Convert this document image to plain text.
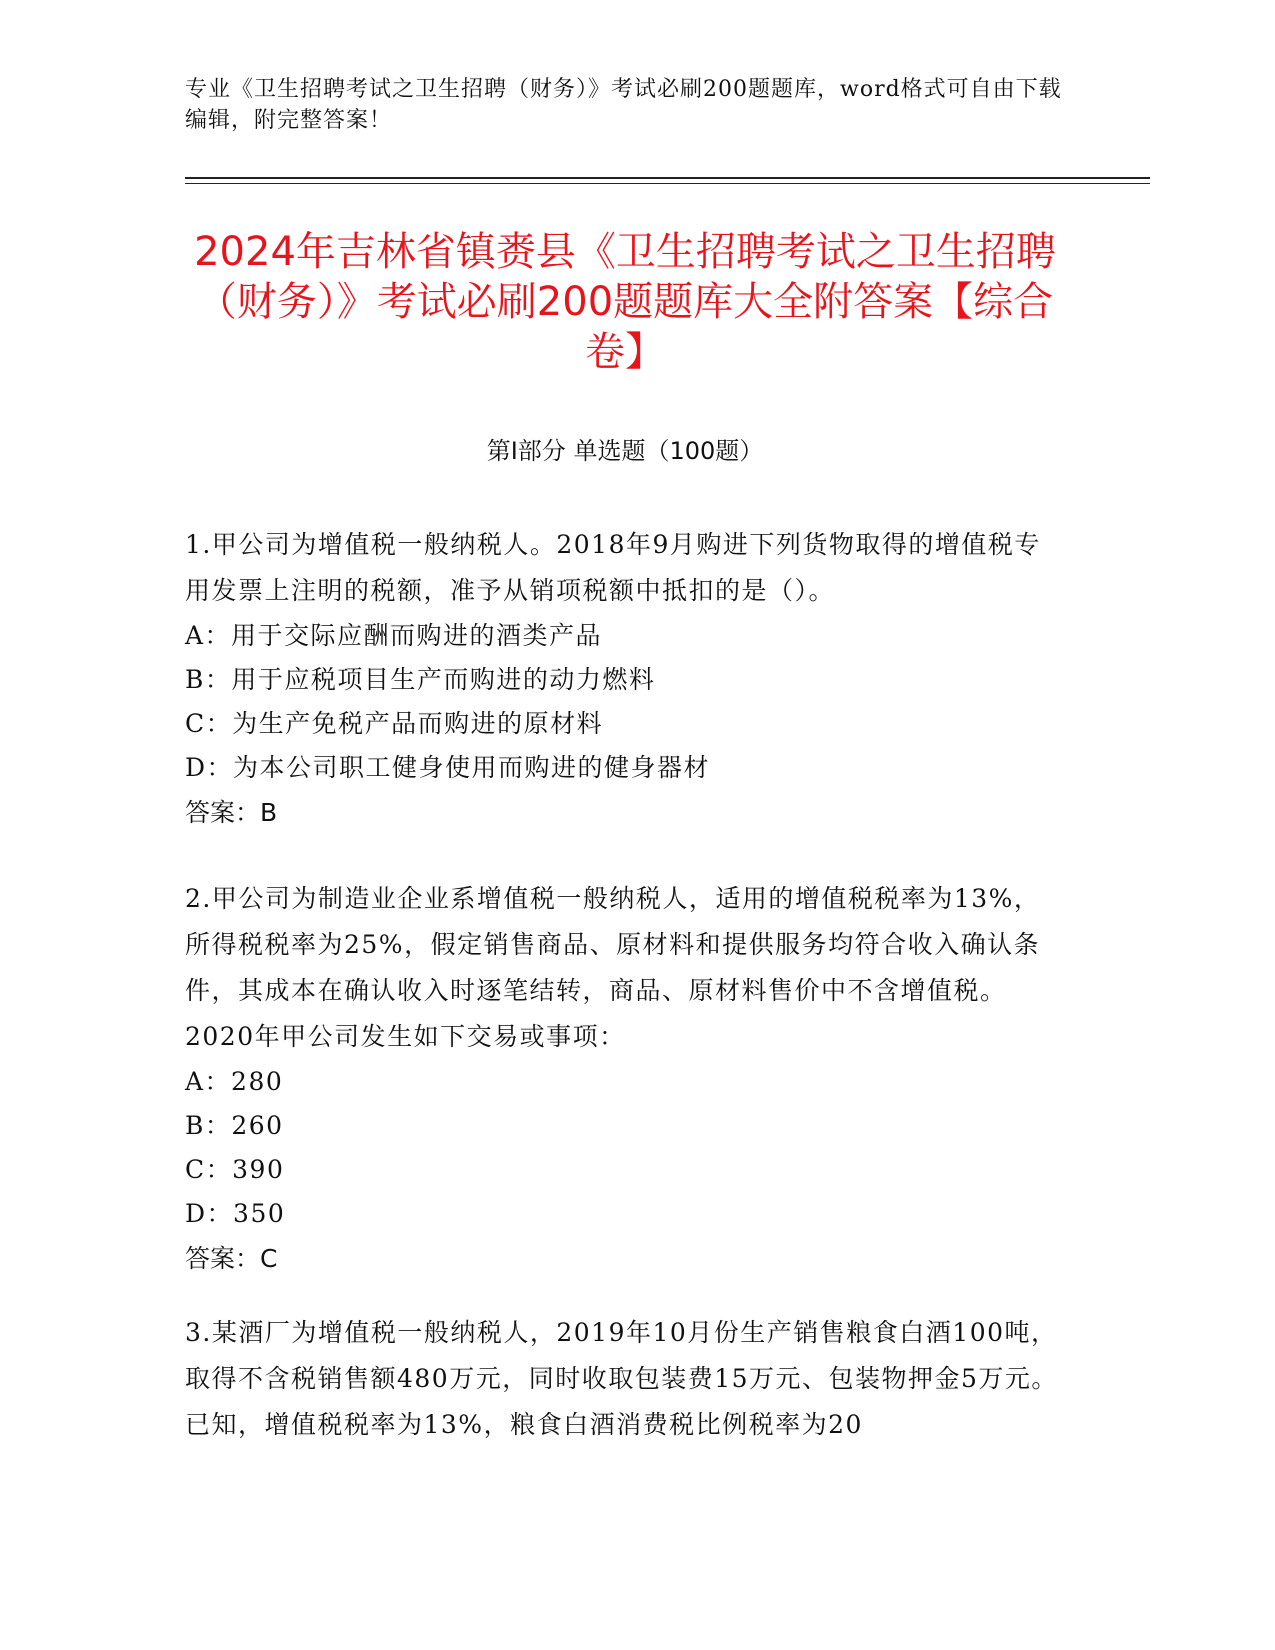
专业《卫生招聘考试之卫生招聘（财务）》考试必刷200题题库，word格式可自由下载编辑，附完整答案！
2024年吉林省镇赉县《卫生招聘考试之卫生招聘（财务）》考试必刷200题题库大全附答案【综合卷】
第I部分 单选题（100题）
1.甲公司为增值税一般纳税人。2018年9月购进下列货物取得的增值税专用发票上注明的税额，准予从销项税额中抵扣的是（）。
A：用于交际应酬而购进的酒类产品
B：用于应税项目生产而购进的动力燃料
C：为生产免税产品而购进的原材料
D：为本公司职工健身使用而购进的健身器材
答案：B
2.甲公司为制造业企业系增值税一般纳税人，适用的增值税税率为13%，所得税税率为25%，假定销售商品、原材料和提供服务均符合收入确认条件，其成本在确认收入时逐笔结转，商品、原材料售价中不含增值税。2020年甲公司发生如下交易或事项：
A：280
B：260
C：390
D：350
答案：C
3.某酒厂为增值税一般纳税人，2019年10月份生产销售粮食白酒100吨，取得不含税销售额480万元，同时收取包装费15万元、包装物押金5万元。已知，增值税税率为13%，粮食白酒消费税比例税率为20
